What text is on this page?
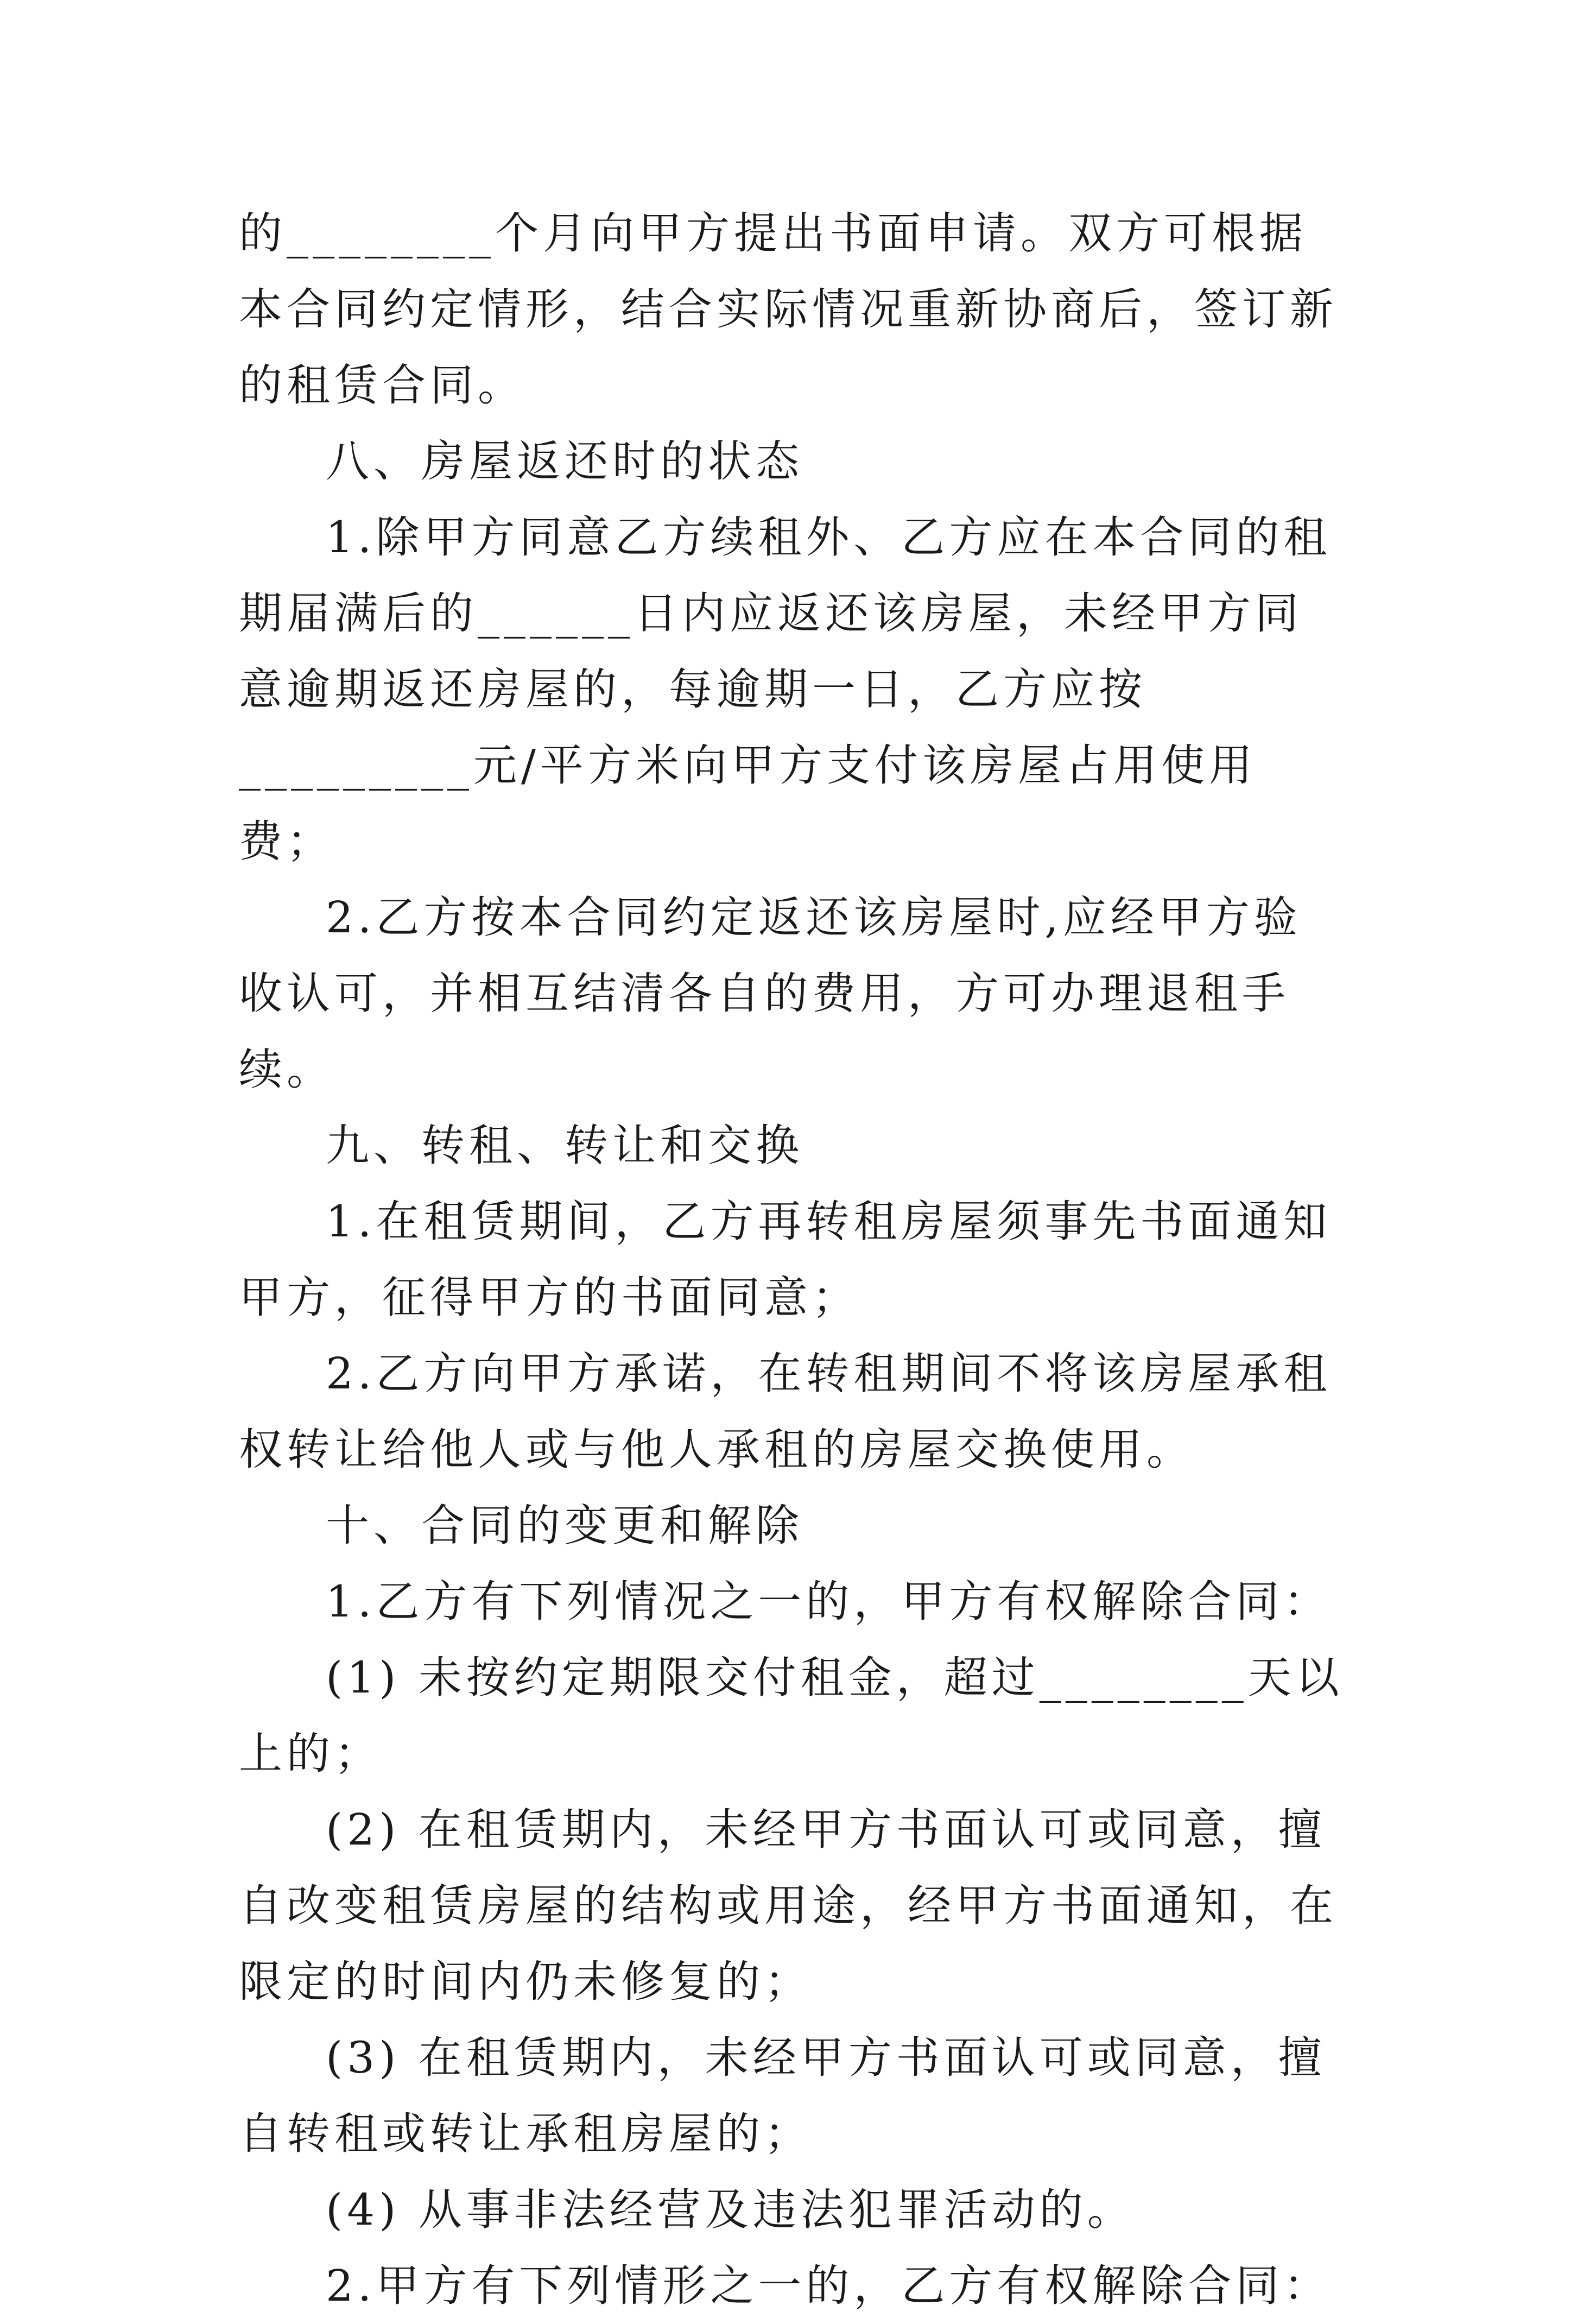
的________个月向甲方提出书面申请。双方可根据本合同约定情形，结合实际情况重新协商后，签订新的租赁合同。

八、房屋返还时的状态

1.除甲方同意乙方续租外、乙方应在本合同的租期届满后的______日内应返还该房屋，未经甲方同意逾期返还房屋的，每逾期一日，乙方应按_________元/平方米向甲方支付该房屋占用使用费；

2.乙方按本合同约定返还该房屋时,应经甲方验收认可，并相互结清各自的费用，方可办理退租手续。

九、转租、转让和交换

1.在租赁期间，乙方再转租房屋须事先书面通知甲方，征得甲方的书面同意；

2.乙方向甲方承诺，在转租期间不将该房屋承租权转让给他人或与他人承租的房屋交换使用。

十、合同的变更和解除

1.乙方有下列情况之一的，甲方有权解除合同：

(1) 未按约定期限交付租金，超过________天以上的；

(2) 在租赁期内，未经甲方书面认可或同意，擅自改变租赁房屋的结构或用途，经甲方书面通知，在限定的时间内仍未修复的；

(3) 在租赁期内，未经甲方书面认可或同意，擅自转租或转让承租房屋的；

(4) 从事非法经营及违法犯罪活动的。

2.甲方有下列情形之一的，乙方有权解除合同：
